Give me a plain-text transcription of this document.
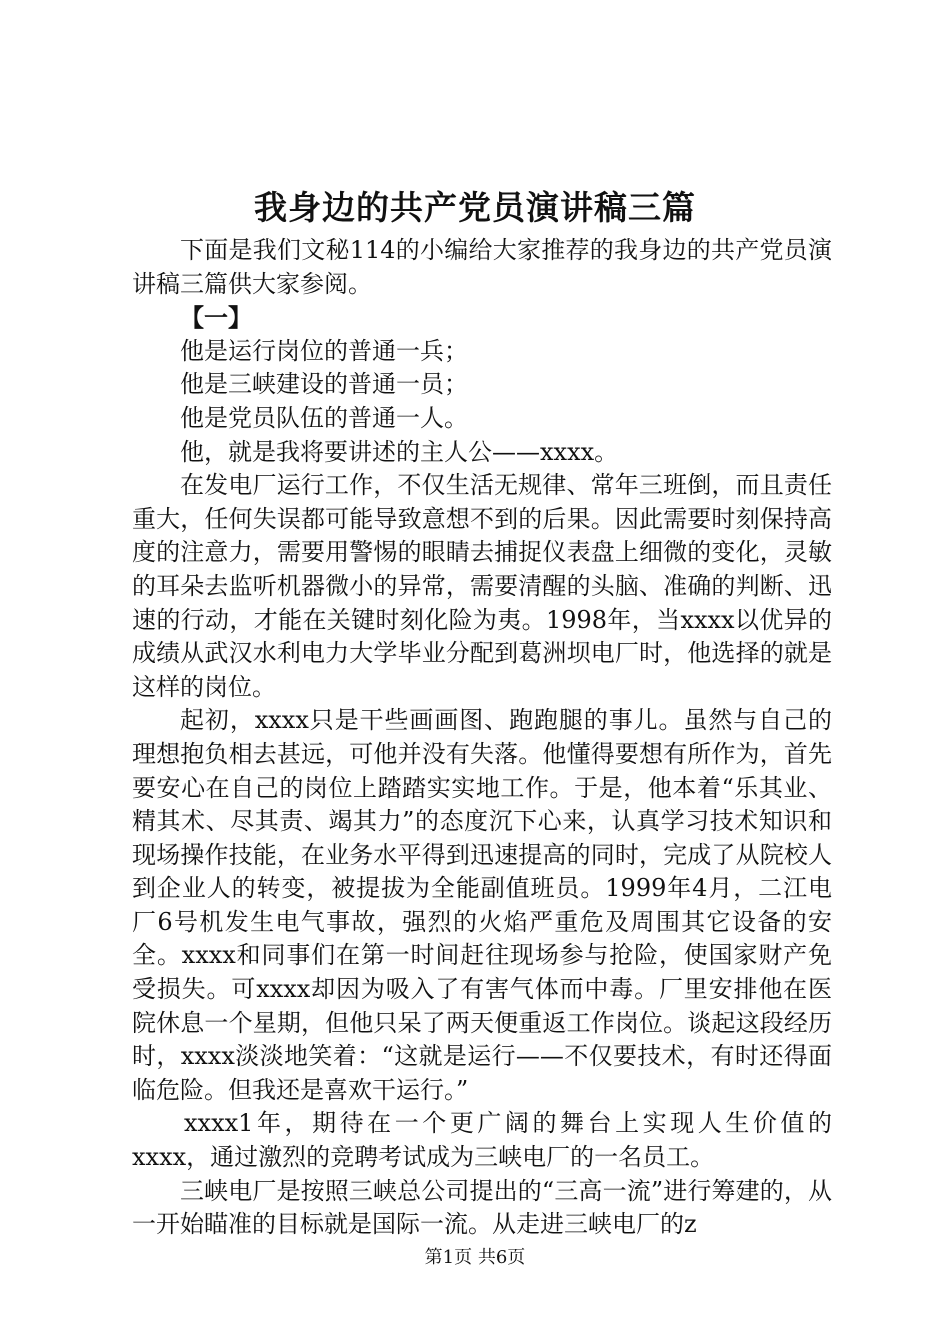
我身边的共产党员演讲稿三篇

下面是我们文秘114的小编给大家推荐的我身边的共产党员演讲稿三篇供大家参阅。

【一】

他是运行岗位的普通一兵；

他是三峡建设的普通一员；

他是党员队伍的普通一人。

他，就是我将要讲述的主人公——xxxx。

在发电厂运行工作，不仅生活无规律、常年三班倒，而且责任重大，任何失误都可能导致意想不到的后果。因此需要时刻保持高度的注意力，需要用警惕的眼睛去捕捉仪表盘上细微的变化，灵敏的耳朵去监听机器微小的异常，需要清醒的头脑、准确的判断、迅速的行动，才能在关键时刻化险为夷。1998年，当xxxx以优异的成绩从武汉水利电力大学毕业分配到葛洲坝电厂时，他选择的就是这样的岗位。

起初，xxxx只是干些画画图、跑跑腿的事儿。虽然与自己的理想抱负相去甚远，可他并没有失落。他懂得要想有所作为，首先要安心在自己的岗位上踏踏实实地工作。于是，他本着“乐其业、精其术、尽其责、竭其力”的态度沉下心来，认真学习技术知识和现场操作技能，在业务水平得到迅速提高的同时，完成了从院校人到企业人的转变，被提拔为全能副值班员。1999年4月，二江电厂6号机发生电气事故，强烈的火焰严重危及周围其它设备的安全。xxxx和同事们在第一时间赶往现场参与抢险，使国家财产免受损失。可xxxx却因为吸入了有害气体而中毒。厂里安排他在医院休息一个星期，但他只呆了两天便重返工作岗位。谈起这段经历时，xxxx淡淡地笑着：“这就是运行——不仅要技术，有时还得面临危险。但我还是喜欢干运行。”

xxxx1年，期待在一个更广阔的舞台上实现人生价值的xxxx，通过激烈的竞聘考试成为三峡电厂的一名员工。

三峡电厂是按照三峡总公司提出的“三高一流”进行筹建的，从一开始瞄准的目标就是国际一流。从走进三峡电厂的z

第1页 共6页
